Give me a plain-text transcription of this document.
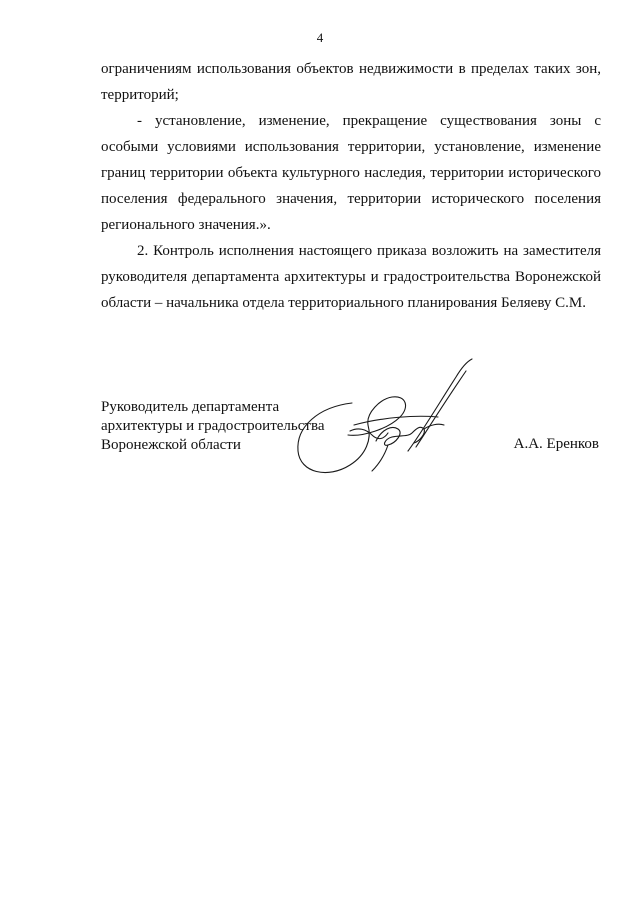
4

ограничениям использования объектов недвижимости в пределах таких зон, территорий;

- установление, изменение, прекращение существования зоны с особыми условиями использования территории, установление, изменение границ территории объекта культурного наследия, территории исторического поселения федерального значения, территории исторического поселения регионального значения.».

2. Контроль исполнения настоящего приказа возложить на заместителя руководителя департамента архитектуры и градостроительства Воронежской области – начальника отдела территориального планирования Беляеву С.М.

Руководитель департамента
архитектуры и градостроительства
Воронежской области	А.А. Еренков
